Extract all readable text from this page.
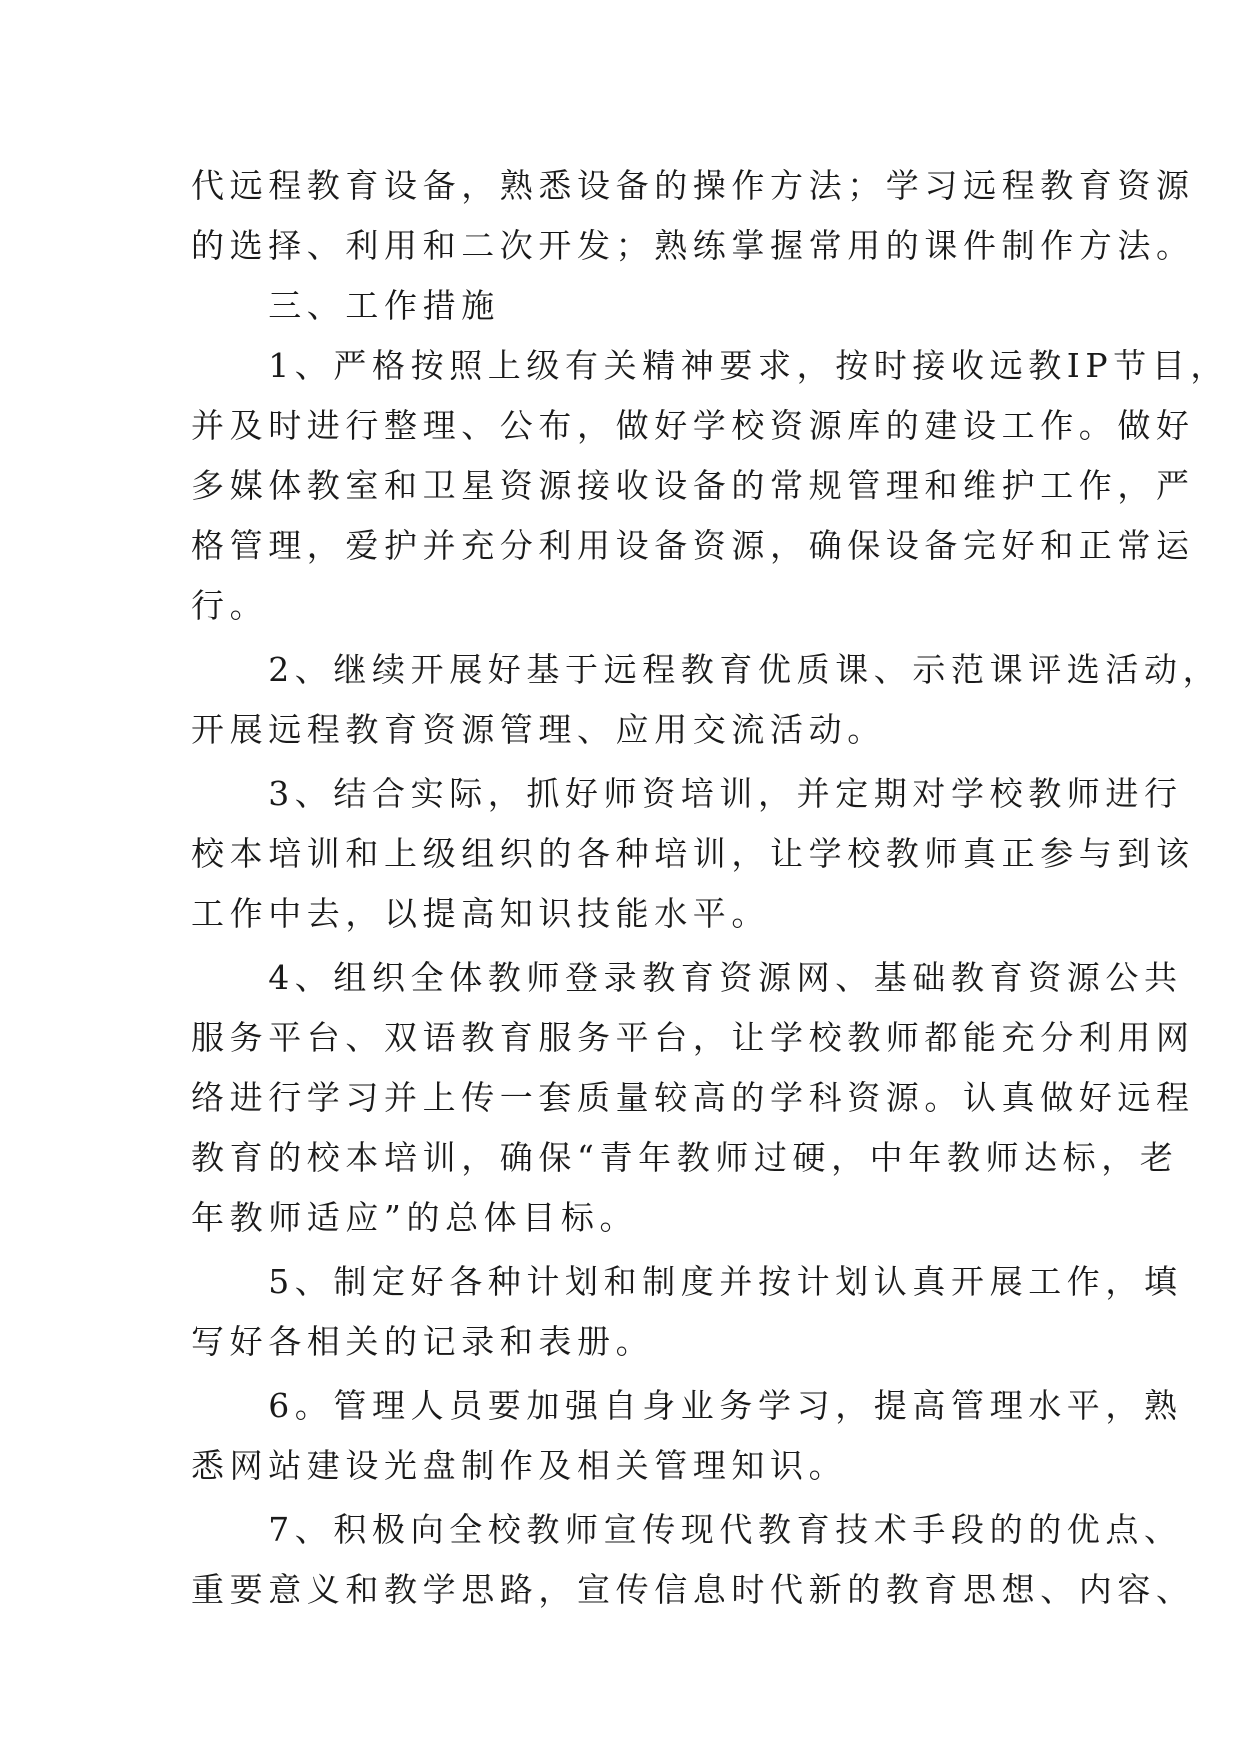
代远程教育设备，熟悉设备的操作方法；学习远程教育资源
的选择、利用和二次开发；熟练掌握常用的课件制作方法。
　　三、工作措施
　　1、严格按照上级有关精神要求，按时接收远教IP节目，
并及时进行整理、公布，做好学校资源库的建设工作。做好
多媒体教室和卫星资源接收设备的常规管理和维护工作，严
格管理，爱护并充分利用设备资源，确保设备完好和正常运
行。
　　2、继续开展好基于远程教育优质课、示范课评选活动，
开展远程教育资源管理、应用交流活动。
　　3、结合实际，抓好师资培训，并定期对学校教师进行
校本培训和上级组织的各种培训，让学校教师真正参与到该
工作中去，以提高知识技能水平。
　　4、组织全体教师登录教育资源网、基础教育资源公共
服务平台、双语教育服务平台，让学校教师都能充分利用网
络进行学习并上传一套质量较高的学科资源。认真做好远程
教育的校本培训，确保“青年教师过硬，中年教师达标，老
年教师适应”的总体目标。
　　5、制定好各种计划和制度并按计划认真开展工作，填
写好各相关的记录和表册。
　　6。管理人员要加强自身业务学习，提高管理水平，熟
悉网站建设光盘制作及相关管理知识。
　　7、积极向全校教师宣传现代教育技术手段的的优点、
重要意义和教学思路，宣传信息时代新的教育思想、内容、
